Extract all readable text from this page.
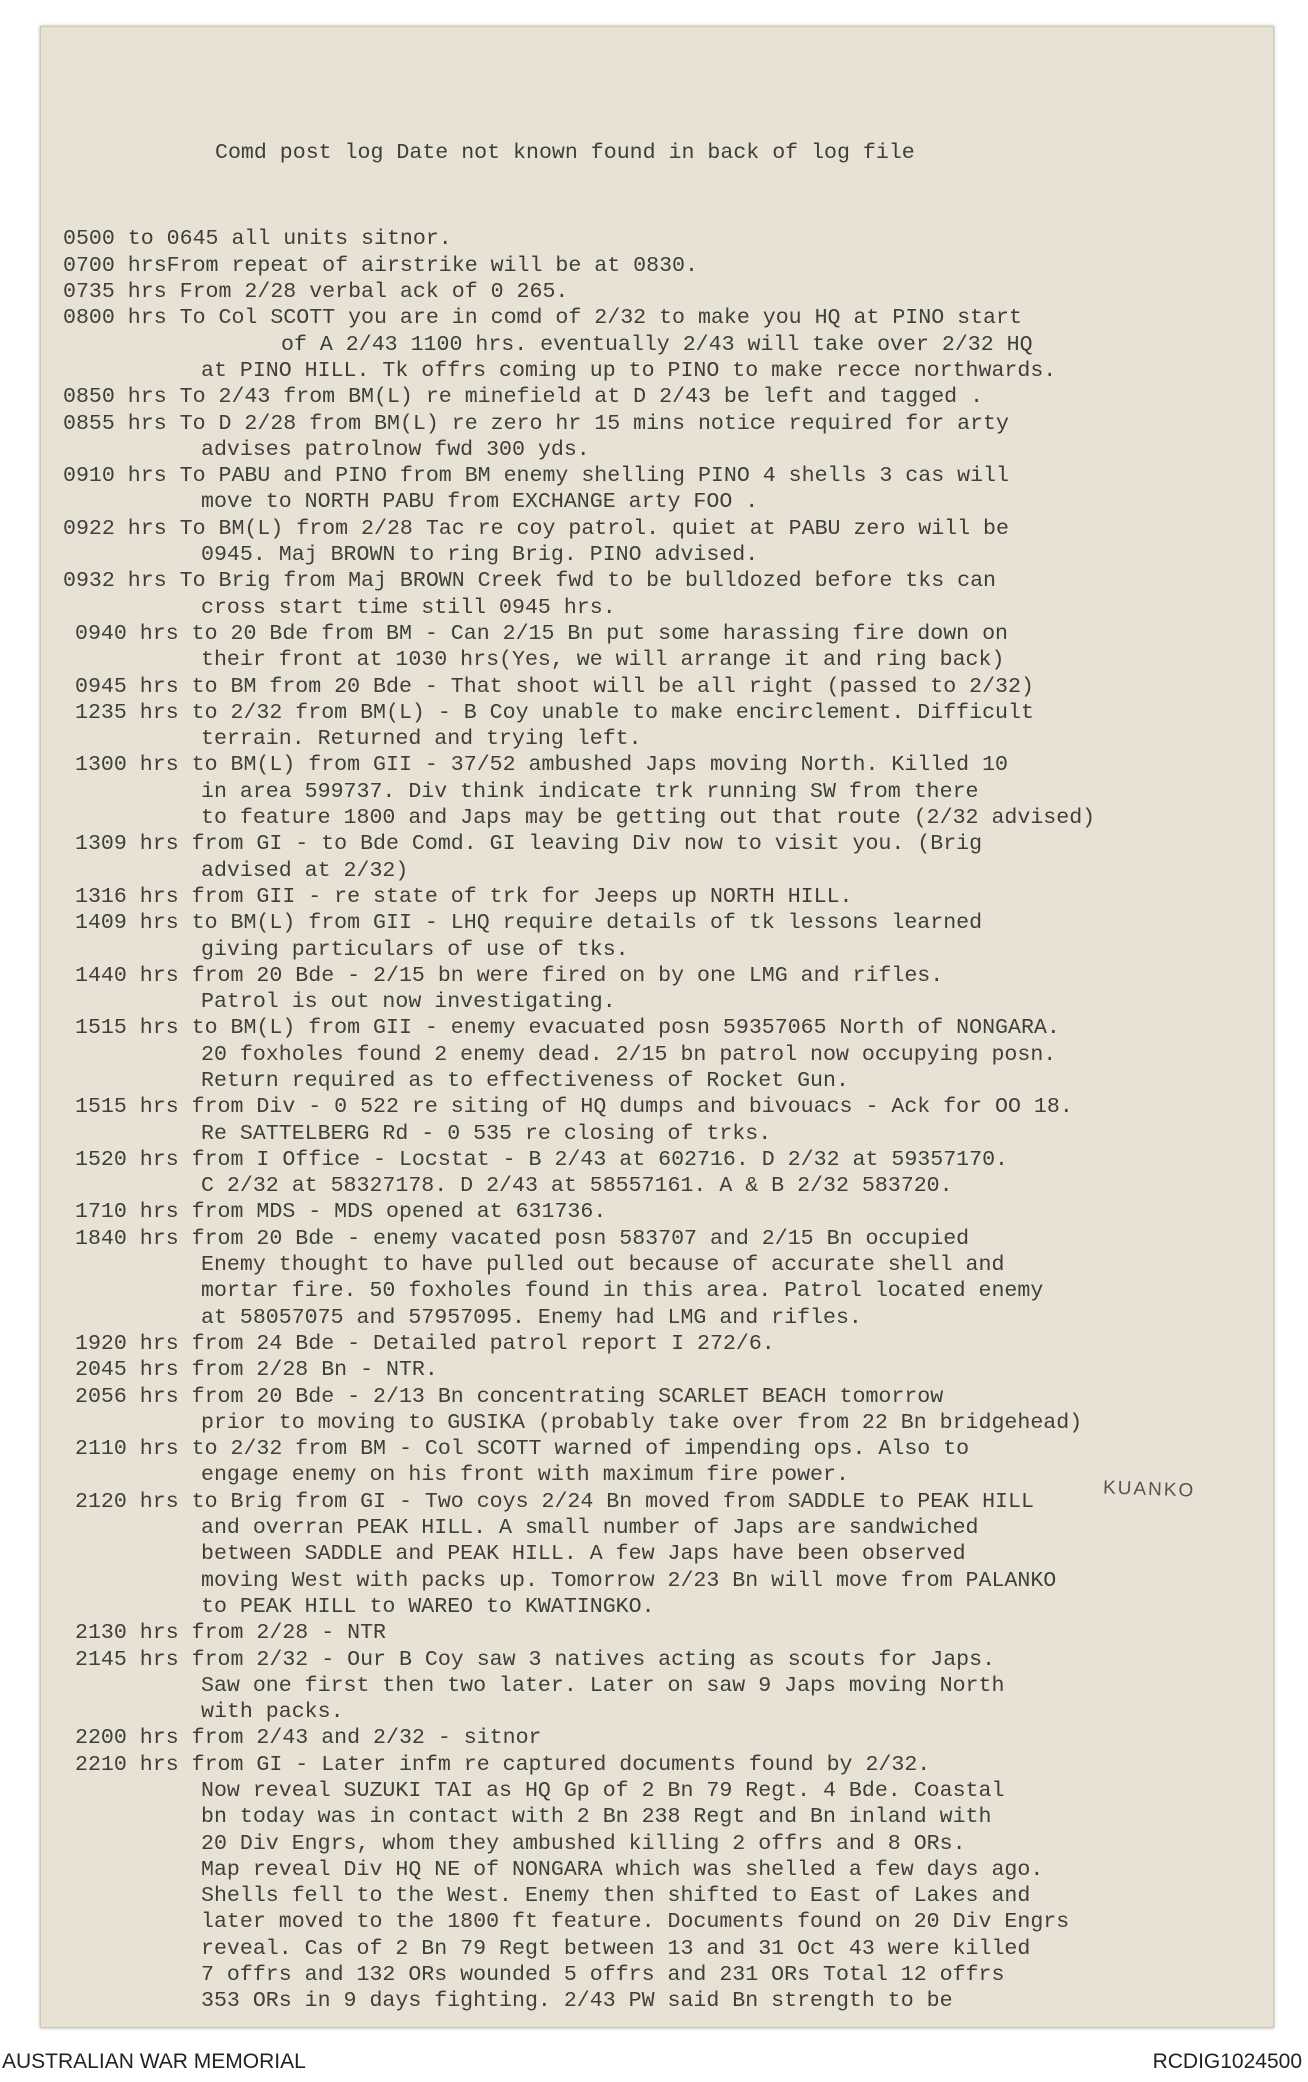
Comd post log Date not known found in back of log file

0500 to 0645 all units sitnor.
0700 hrsFrom repeat of airstrike will be at 0830.
0735 hrs From 2/28 verbal ack of 0 265.
0800 hrs To Col SCOTT you are in comd of 2/32 to make you HQ at PINO start
of A 2/43 1100 hrs. eventually 2/43 will take over 2/32 HQ
at PINO HILL. Tk offrs coming up to PINO to make recce northwards.
0850 hrs To 2/43 from BM(L) re minefield at D 2/43 be left and tagged .
0855 hrs To D 2/28 from BM(L) re zero hr 15 mins notice required for arty
advises patrolnow fwd 300 yds.
0910 hrs To PABU and PINO from BM enemy shelling PINO 4 shells 3 cas will
move to NORTH PABU from EXCHANGE arty FOO .
0922 hrs To BM(L) from 2/28 Tac re coy patrol. quiet at PABU zero will be
0945. Maj BROWN to ring Brig. PINO advised.
0932 hrs To Brig from Maj BROWN Creek fwd to be bulldozed before tks can
cross start time still 0945 hrs.
0940 hrs to 20 Bde from BM - Can 2/15 Bn put some harassing fire down on
their front at 1030 hrs(Yes, we will arrange it and ring back)
0945 hrs to BM from 20 Bde - That shoot will be all right (passed to 2/32)
1235 hrs to 2/32 from BM(L) - B Coy unable to make encirclement. Difficult
terrain. Returned and trying left.
1300 hrs to BM(L) from GII - 37/52 ambushed Japs moving North. Killed 10
in area 599737. Div think indicate trk running SW from there
to feature 1800 and Japs may be getting out that route (2/32 advised)
1309 hrs from GI - to Bde Comd. GI leaving Div now to visit you. (Brig
advised at 2/32)
1316 hrs from GII - re state of trk for Jeeps up NORTH HILL.
1409 hrs to BM(L) from GII - LHQ require details of tk lessons learned
giving particulars of use of tks.
1440 hrs from 20 Bde - 2/15 bn were fired on by one LMG and rifles.
Patrol is out now investigating.
1515 hrs to BM(L) from GII - enemy evacuated posn 59357065 North of NONGARA.
20 foxholes found 2 enemy dead. 2/15 bn patrol now occupying posn.
Return required as to effectiveness of Rocket Gun.
1515 hrs from Div - 0 522 re siting of HQ dumps and bivouacs - Ack for OO 18.
Re SATTELBERG Rd - 0 535 re closing of trks.
1520 hrs from I Office - Locstat - B 2/43 at 602716. D 2/32 at 59357170.
C 2/32 at 58327178. D 2/43 at 58557161. A & B 2/32 583720.
1710 hrs from MDS - MDS opened at 631736.
1840 hrs from 20 Bde - enemy vacated posn 583707 and 2/15 Bn occupied
Enemy thought to have pulled out because of accurate shell and
mortar fire. 50 foxholes found in this area. Patrol located enemy
at 58057075 and 57957095. Enemy had LMG and rifles.
1920 hrs from 24 Bde - Detailed patrol report I 272/6.
2045 hrs from 2/28 Bn - NTR.
2056 hrs from 20 Bde - 2/13 Bn concentrating SCARLET BEACH tomorrow
prior to moving to GUSIKA (probably take over from 22 Bn bridgehead)
2110 hrs to 2/32 from BM - Col SCOTT warned of impending ops. Also to
engage enemy on his front with maximum fire power.
2120 hrs to Brig from GI - Two coys 2/24 Bn moved from SADDLE to PEAK HILL
and overran PEAK HILL. A small number of Japs are sandwiched
between SADDLE and PEAK HILL. A few Japs have been observed
moving West with packs up. Tomorrow 2/23 Bn will move from PALANKO
to PEAK HILL to WAREO to KWATINGKO.
2130 hrs from 2/28 - NTR
2145 hrs from 2/32 - Our B Coy saw 3 natives acting as scouts for Japs.
Saw one first then two later. Later on saw 9 Japs moving North
with packs.
2200 hrs from 2/43 and 2/32 - sitnor
2210 hrs from GI - Later infm re captured documents found by 2/32.
Now reveal SUZUKI TAI as HQ Gp of 2 Bn 79 Regt. 4 Bde. Coastal
bn today was in contact with 2 Bn 238 Regt and Bn inland with
20 Div Engrs, whom they ambushed killing 2 offrs and 8 ORs.
Map reveal Div HQ NE of NONGARA which was shelled a few days ago.
Shells fell to the West. Enemy then shifted to East of Lakes and
later moved to the 1800 ft feature. Documents found on 20 Div Engrs
reveal. Cas of 2 Bn 79 Regt between 13 and 31 Oct 43 were killed
7 offrs and 132 ORs wounded 5 offrs and 231 ORs Total 12 offrs
353 ORs in 9 days fighting. 2/43 PW said Bn strength to be

KUANKO
AUSTRALIAN WAR MEMORIAL	RCDIG1024500
